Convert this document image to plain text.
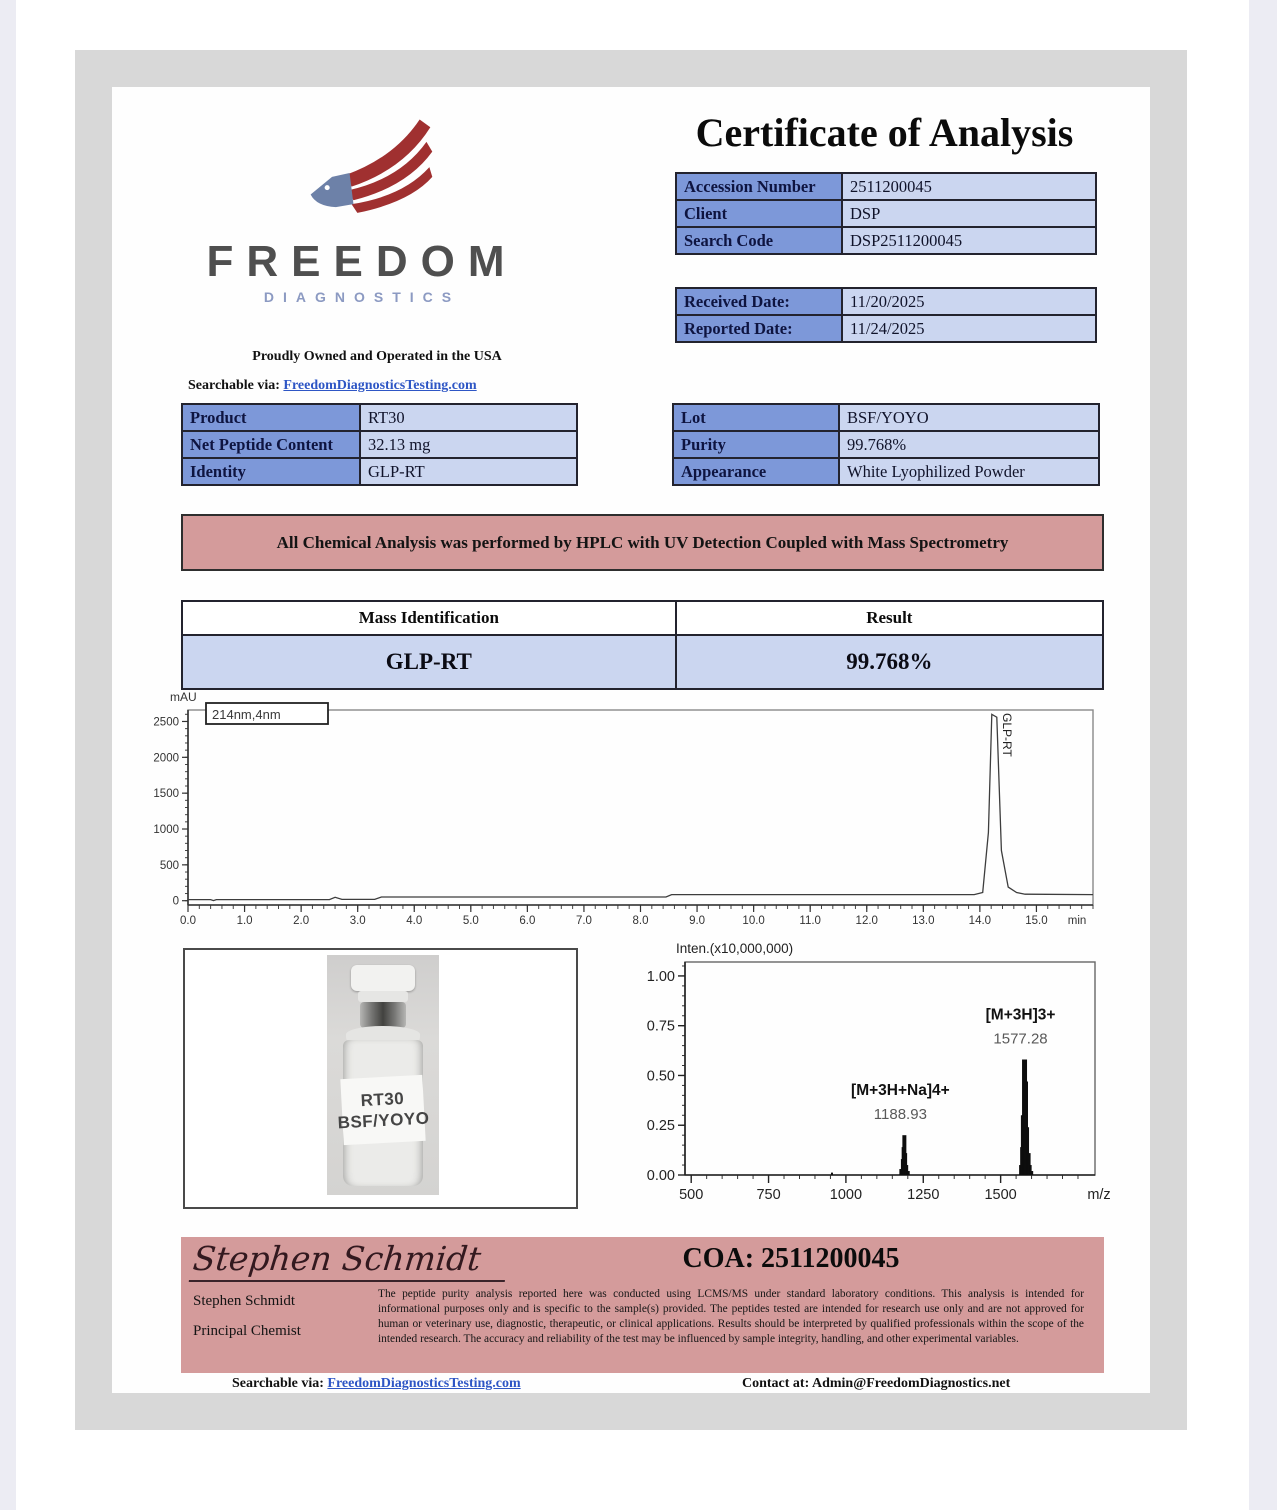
FREEDOM
DIAGNOSTICS
Proudly Owned and Operated in the USA
Searchable via: FreedomDiagnosticsTesting.com
Certificate of Analysis
Accession Number	2511200045
Client	DSP
Search Code	DSP2511200045
Received Date:	11/20/2025
Reported Date:	11/24/2025
Product	RT30
Net Peptide Content	32.13 mg
Identity	GLP-RT
Lot	BSF/YOYO
Purity	99.768%
Appearance	White Lyophilized Powder
All Chemical Analysis was performed by HPLC with UV Detection Coupled with Mass Spectrometry
Mass Identification	Result
GLP-RT	99.768%
0.0	1.0	2.0	3.0	4.0	5.0	6.0	7.0	8.0	9.0	10.0	11.0	12.0	13.0	14.0	15.0 min
0
500
1000
1500
2000
2500
mAU
214nm,4nm	GLP-RT
RT30
BSF/YOYO
500	750	1000	1250	1500	m/z
0.00
0.25
0.50
0.75
1.00
[M+3H+Na]4+
1188.93
[M+3H]3+
1577.28
Inten.(x10,000,000)
Stephen Schmidt
Stephen Schmidt
Principal Chemist
COA: 2511200045
The peptide purity analysis reported here was conducted using LCMS/MS under standard laboratory conditions. This analysis is intended for informational purposes only and is specific to the sample(s) provided. The peptides tested are intended for research use only and are not approved for human or veterinary use, diagnostic, therapeutic, or clinical applications. Results should be interpreted by qualified professionals within the scope of the intended research. The accuracy and reliability of the test may be influenced by sample integrity, handling, and other experimental variables.
Searchable via: FreedomDiagnosticsTesting.com	Contact at: Admin@FreedomDiagnostics.net
